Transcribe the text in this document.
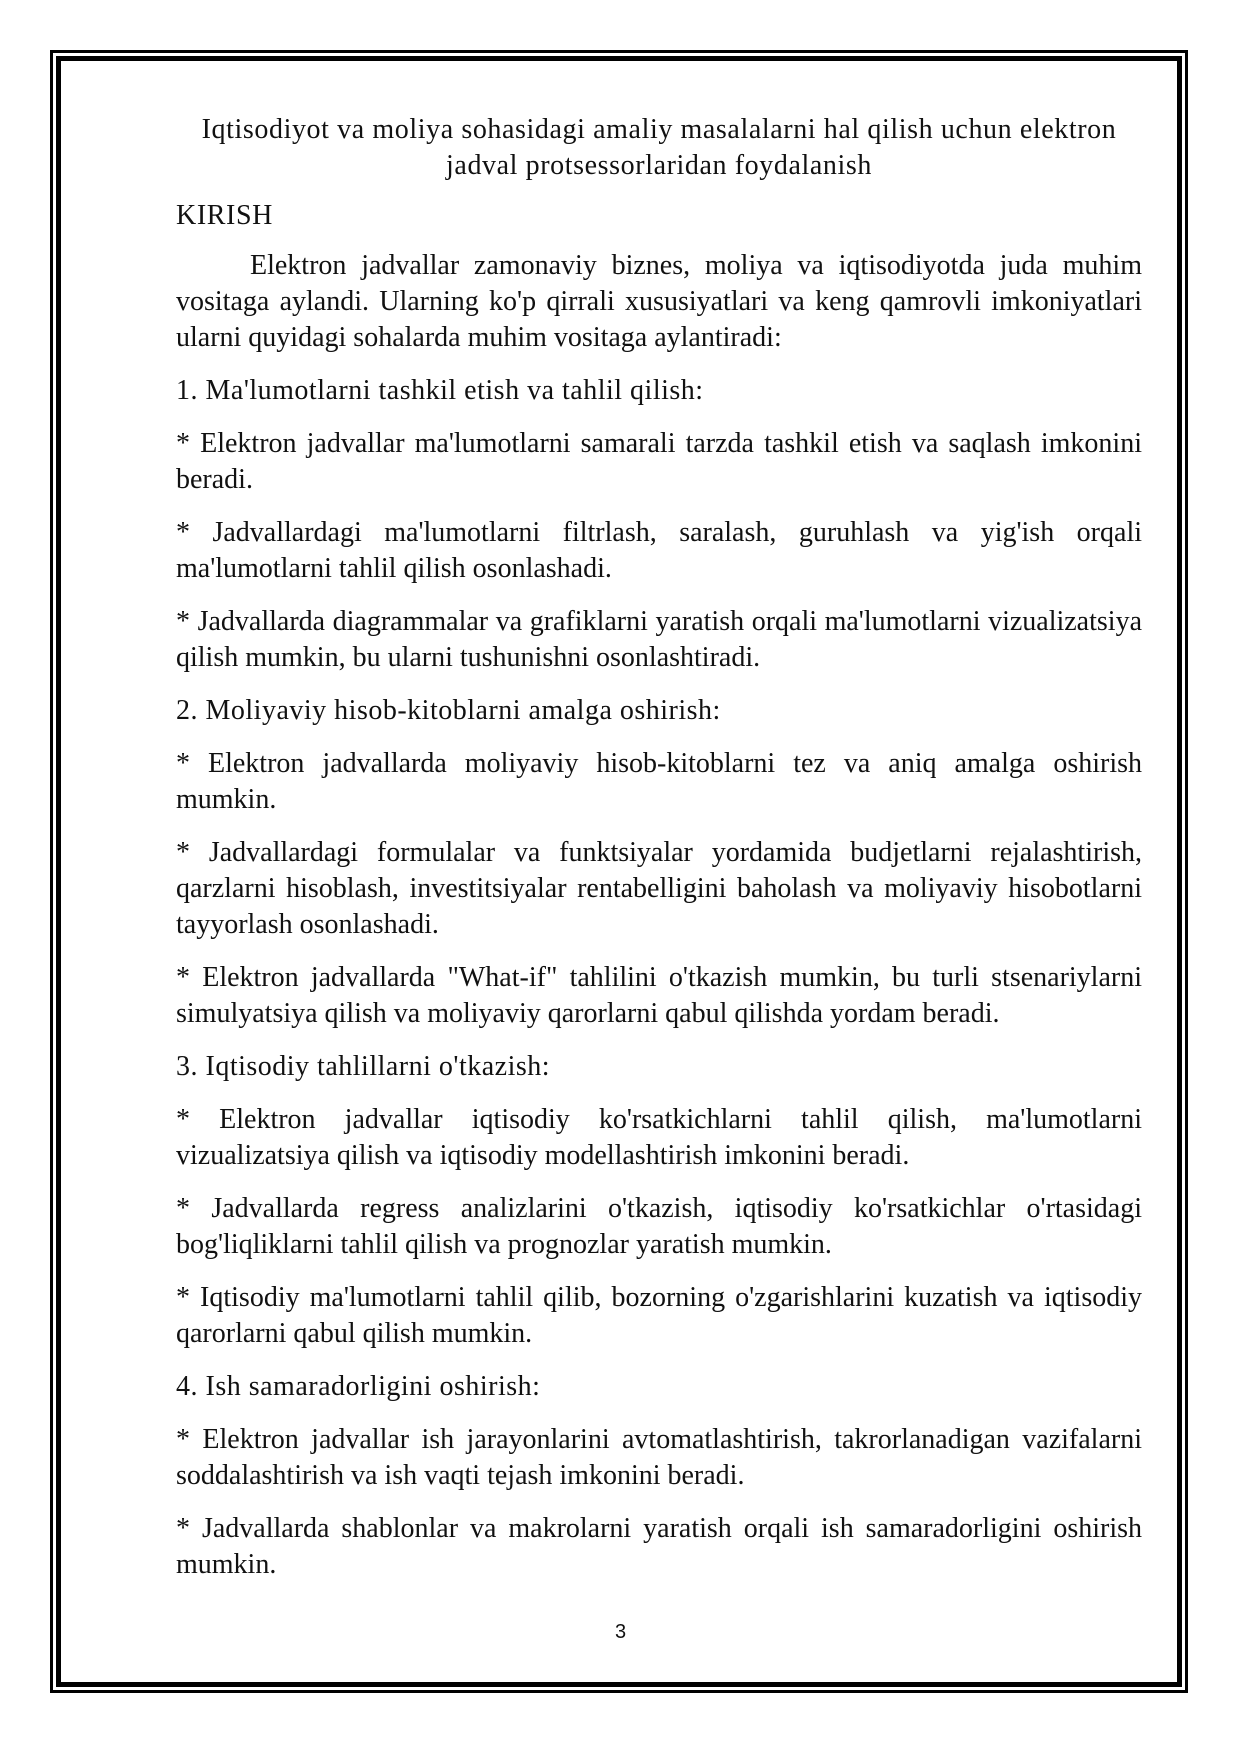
Iqtisodiyot va moliya sohasidagi amaliy masalalarni hal qilish uchun elektron jadval protsessorlaridan foydalanish
KIRISH

Elektron jadvallar zamonaviy biznes, moliya va iqtisodiyotda juda muhim vositaga aylandi. Ularning ko'p qirrali xususiyatlari va keng qamrovli imkoniyatlari ularni quyidagi sohalarda muhim vositaga aylantiradi:

1. Ma'lumotlarni tashkil etish va tahlil qilish:

* Elektron jadvallar ma'lumotlarni samarali tarzda tashkil etish va saqlash imkonini beradi.

* Jadvallardagi ma'lumotlarni filtrlash, saralash, guruhlash va yig'ish orqali ma'lumotlarni tahlil qilish osonlashadi.

* Jadvallarda diagrammalar va grafiklarni yaratish orqali ma'lumotlarni vizualizatsiya qilish mumkin, bu ularni tushunishni osonlashtiradi.

2. Moliyaviy hisob-kitoblarni amalga oshirish:

* Elektron jadvallarda moliyaviy hisob-kitoblarni tez va aniq amalga oshirish mumkin.

* Jadvallardagi formulalar va funktsiyalar yordamida budjetlarni rejalashtirish, qarzlarni hisoblash, investitsiyalar rentabelligini baholash va moliyaviy hisobotlarni tayyorlash osonlashadi.

* Elektron jadvallarda "What-if" tahlilini o'tkazish mumkin, bu turli stsenariylarni simulyatsiya qilish va moliyaviy qarorlarni qabul qilishda yordam beradi.

3. Iqtisodiy tahlillarni o'tkazish:

* Elektron jadvallar iqtisodiy ko'rsatkichlarni tahlil qilish, ma'lumotlarni vizualizatsiya qilish va iqtisodiy modellashtirish imkonini beradi.

* Jadvallarda regress analizlarini o'tkazish, iqtisodiy ko'rsatkichlar o'rtasidagi bog'liqliklarni tahlil qilish va prognozlar yaratish mumkin.

* Iqtisodiy ma'lumotlarni tahlil qilib, bozorning o'zgarishlarini kuzatish va iqtisodiy qarorlarni qabul qilish mumkin.

4. Ish samaradorligini oshirish:

* Elektron jadvallar ish jarayonlarini avtomatlashtirish, takrorlanadigan vazifalarni soddalashtirish va ish vaqti tejash imkonini beradi.

* Jadvallarda shablonlar va makrolarni yaratish orqali ish samaradorligini oshirish mumkin.

3
